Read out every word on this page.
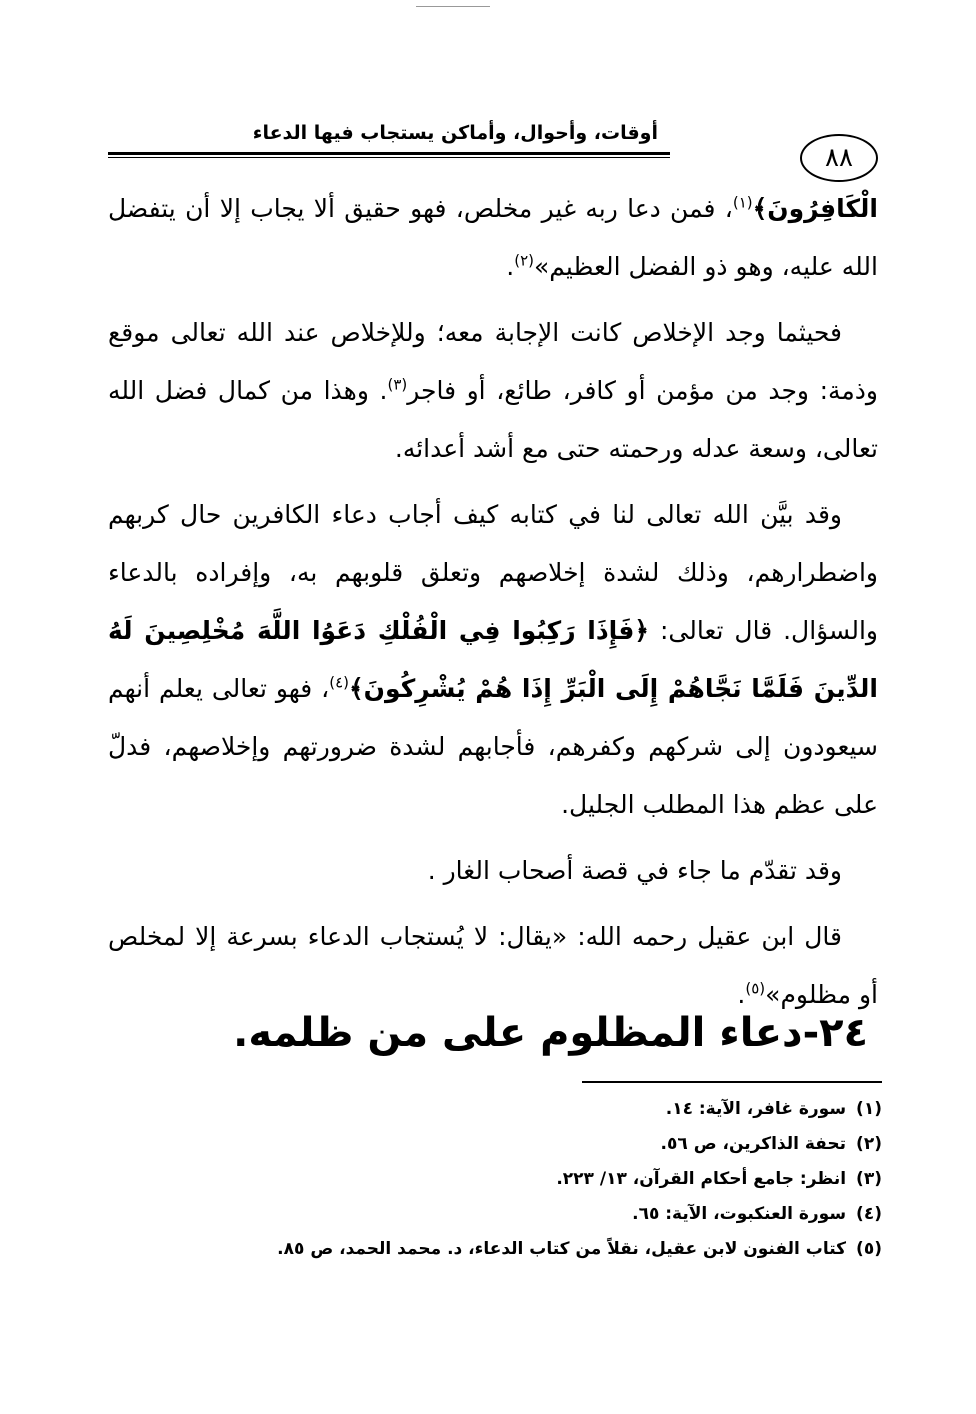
أوقات، وأحوال، وأماكن يستجاب فيها الدعاء
٨٨

الْكَافِرُونَ﴾$^{(١)}$، فمن دعا ربه غير مخلص، فهو حقيق ألا يجاب إلا أن يتفضل الله عليه، وهو ذو الفضل العظيم»$^{(٢)}$.

فحيثما وجد الإخلاص كانت الإجابة معه؛ وللإخلاص عند الله تعالى موقع وذمة: وجد من مؤمن أو كافر، طائع، أو فاجر$^{(٣)}$. وهذا من كمال فضل الله تعالى، وسعة عدله ورحمته حتى مع أشد أعدائه.

وقد بيَّن الله تعالى لنا في كتابه كيف أجاب دعاء الكافرين حال كربهم واضطرارهم، وذلك لشدة إخلاصهم وتعلق قلوبهم به، وإفراده بالدعاء والسؤال. قال تعالى: ﴿فَإِذَا رَكِبُوا فِي الْفُلْكِ دَعَوُا اللَّهَ مُخْلِصِينَ لَهُ الدِّينَ فَلَمَّا نَجَّاهُمْ إِلَى الْبَرِّ إِذَا هُمْ يُشْرِكُونَ﴾$^{(٤)}$، فهو تعالى يعلم أنهم سيعودون إلى شركهم وكفرهم، فأجابهم لشدة ضرورتهم وإخلاصهم، فدلّ على عظم هذا المطلب الجليل.

وقد تقدّم ما جاء في قصة أصحاب الغار .

قال ابن عقيل رحمه الله: «يقال: لا يُستجاب الدعاء بسرعة إلا لمخلص أو مظلوم»$^{(٥)}$.

٢٤-دعاء المظلوم على من ظلمه.
(١)سورة غافر، الآية: ١٤.
(٢)تحفة الذاكرين، ص ٥٦.
(٣)انظر: جامع أحكام القرآن، ١٣/ ٢٢٣.
(٤)سورة العنكبوت، الآية: ٦٥.
(٥)كتاب الفنون لابن عقيل، نقلاً من كتاب الدعاء، د. محمد الحمد، ص ٨٥.
